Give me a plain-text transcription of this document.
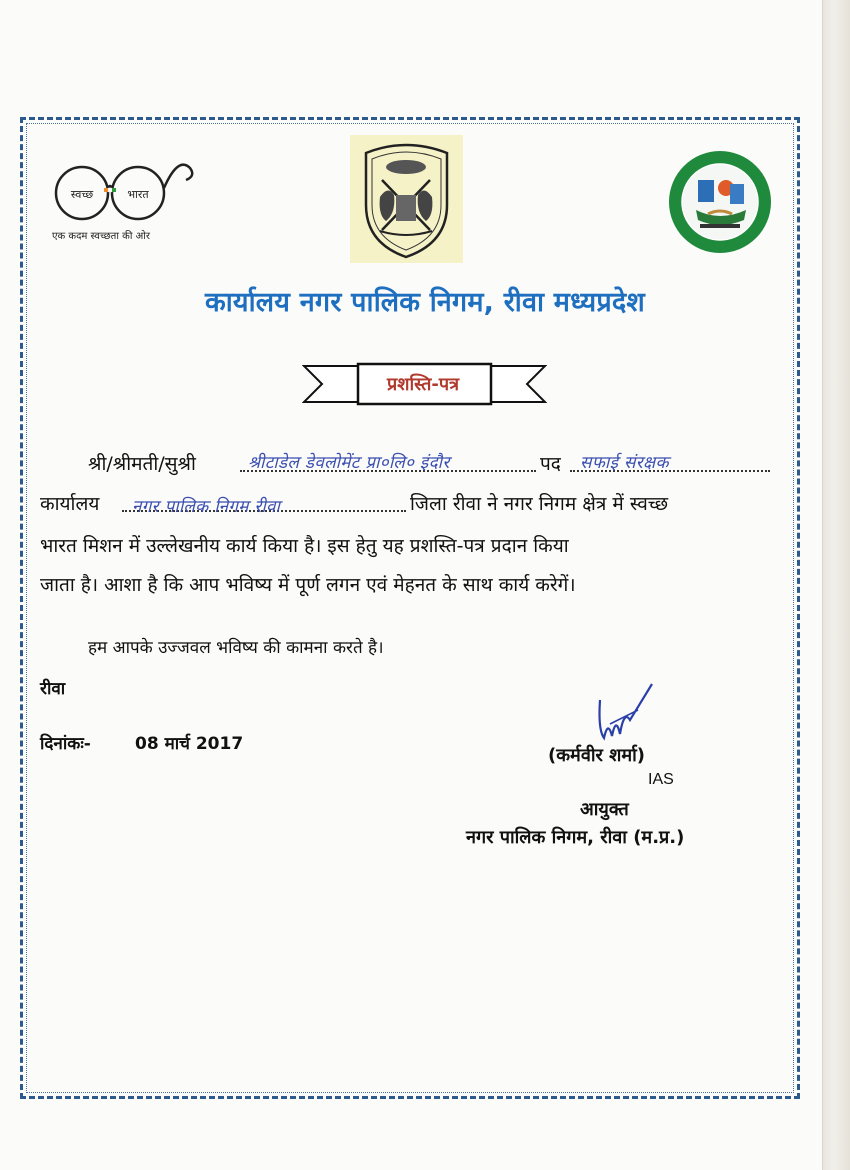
स्वच्छ	भारत
एक कदम स्वच्छता की ओर
कार्यालय नगर पालिक निगम, रीवा मध्यप्रदेश
प्रशस्ति-पत्र
श्री/श्रीमती/सुश्री	श्रीटाडेल डेवलोमेंट प्रा०लि० इंदौर	पद सफाई संरक्षक
कार्यालय नगर पालिक निगम रीवा	जिला रीवा ने नगर निगम क्षेत्र में स्वच्छ
भारत मिशन में उल्लेखनीय कार्य किया है। इस हेतु यह प्रशस्ति-पत्र प्रदान किया
जाता है। आशा है कि आप भविष्य में पूर्ण लगन एवं मेहनत के साथ कार्य करेगें।
हम आपके उज्जवल भविष्य की कामना करते है।
रीवा
दिनांकः-	08 मार्च 2017
(कर्मवीर शर्मा)
IAS
आयुक्त
नगर पालिक निगम, रीवा (म.प्र.)
